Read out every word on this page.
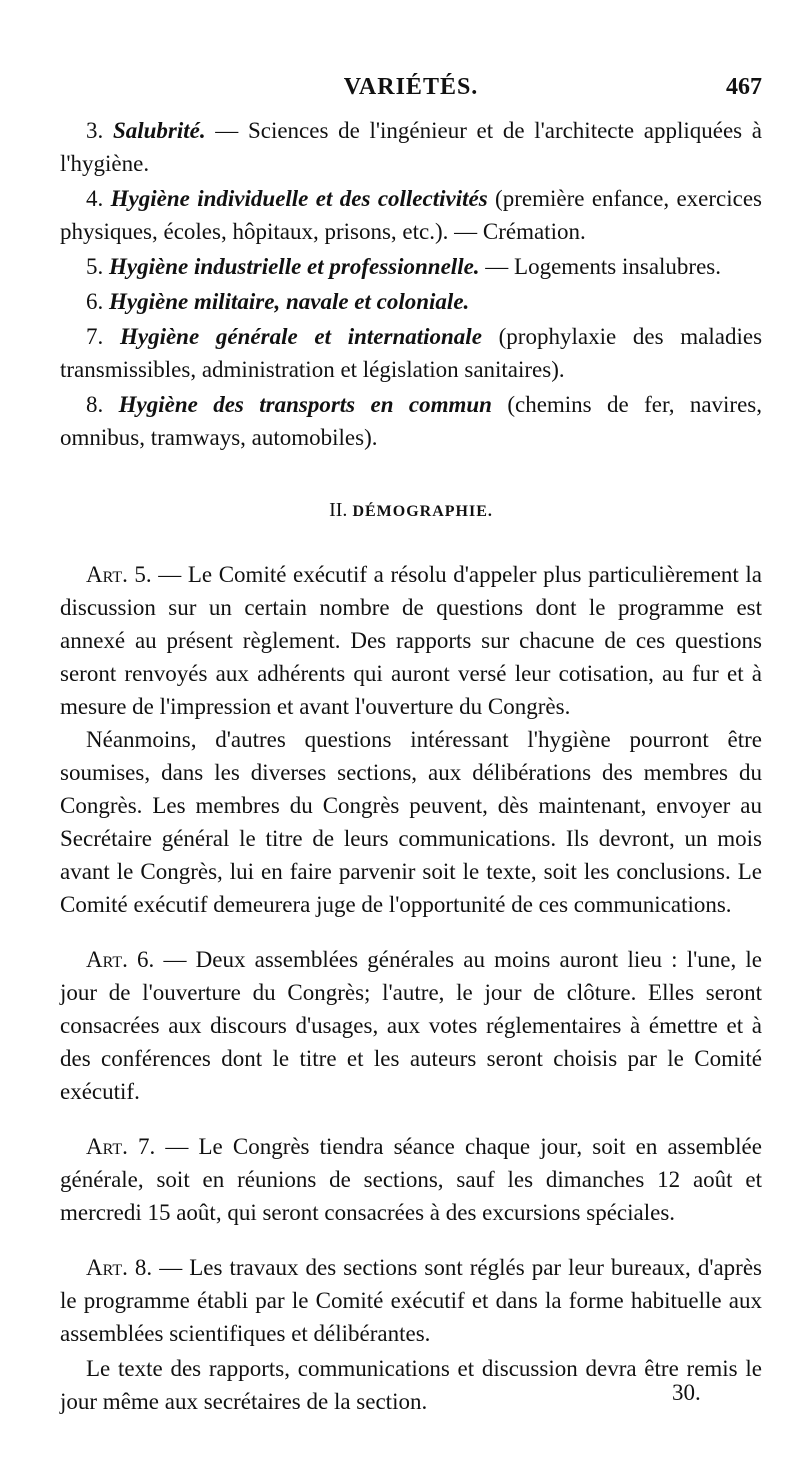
VARIÉTÉS.	467

3. Salubrité. — Sciences de l'ingénieur et de l'architecte appliquées à l'hygiène.

4. Hygiène individuelle et des collectivités (première enfance, exercices physiques, écoles, hôpitaux, prisons, etc.). — Crémation.

5. Hygiène industrielle et professionnelle. — Logements insalubres.

6. Hygiène militaire, navale et coloniale.

7. Hygiène générale et internationale (prophylaxie des maladies transmissibles, administration et législation sanitaires).

8. Hygiène des transports en commun (chemins de fer, navires, omnibus, tramways, automobiles).

II. DÉMOGRAPHIE.

Art. 5. — Le Comité exécutif a résolu d'appeler plus particulièrement la discussion sur un certain nombre de questions dont le programme est annexé au présent règlement. Des rapports sur chacune de ces questions seront renvoyés aux adhérents qui auront versé leur cotisation, au fur et à mesure de l'impression et avant l'ouverture du Congrès.

Néanmoins, d'autres questions intéressant l'hygiène pourront être soumises, dans les diverses sections, aux délibérations des membres du Congrès. Les membres du Congrès peuvent, dès maintenant, envoyer au Secrétaire général le titre de leurs communications. Ils devront, un mois avant le Congrès, lui en faire parvenir soit le texte, soit les conclusions. Le Comité exécutif demeurera juge de l'opportunité de ces communications.

Art. 6. — Deux assemblées générales au moins auront lieu : l'une, le jour de l'ouverture du Congrès; l'autre, le jour de clôture. Elles seront consacrées aux discours d'usages, aux votes réglementaires à émettre et à des conférences dont le titre et les auteurs seront choisis par le Comité exécutif.

Art. 7. — Le Congrès tiendra séance chaque jour, soit en assemblée générale, soit en réunions de sections, sauf les dimanches 12 août et mercredi 15 août, qui seront consacrées à des excursions spéciales.

Art. 8. — Les travaux des sections sont réglés par leur bureaux, d'après le programme établi par le Comité exécutif et dans la forme habituelle aux assemblées scientifiques et délibérantes.

Le texte des rapports, communications et discussion devra être remis le jour même aux secrétaires de la section.	30.
